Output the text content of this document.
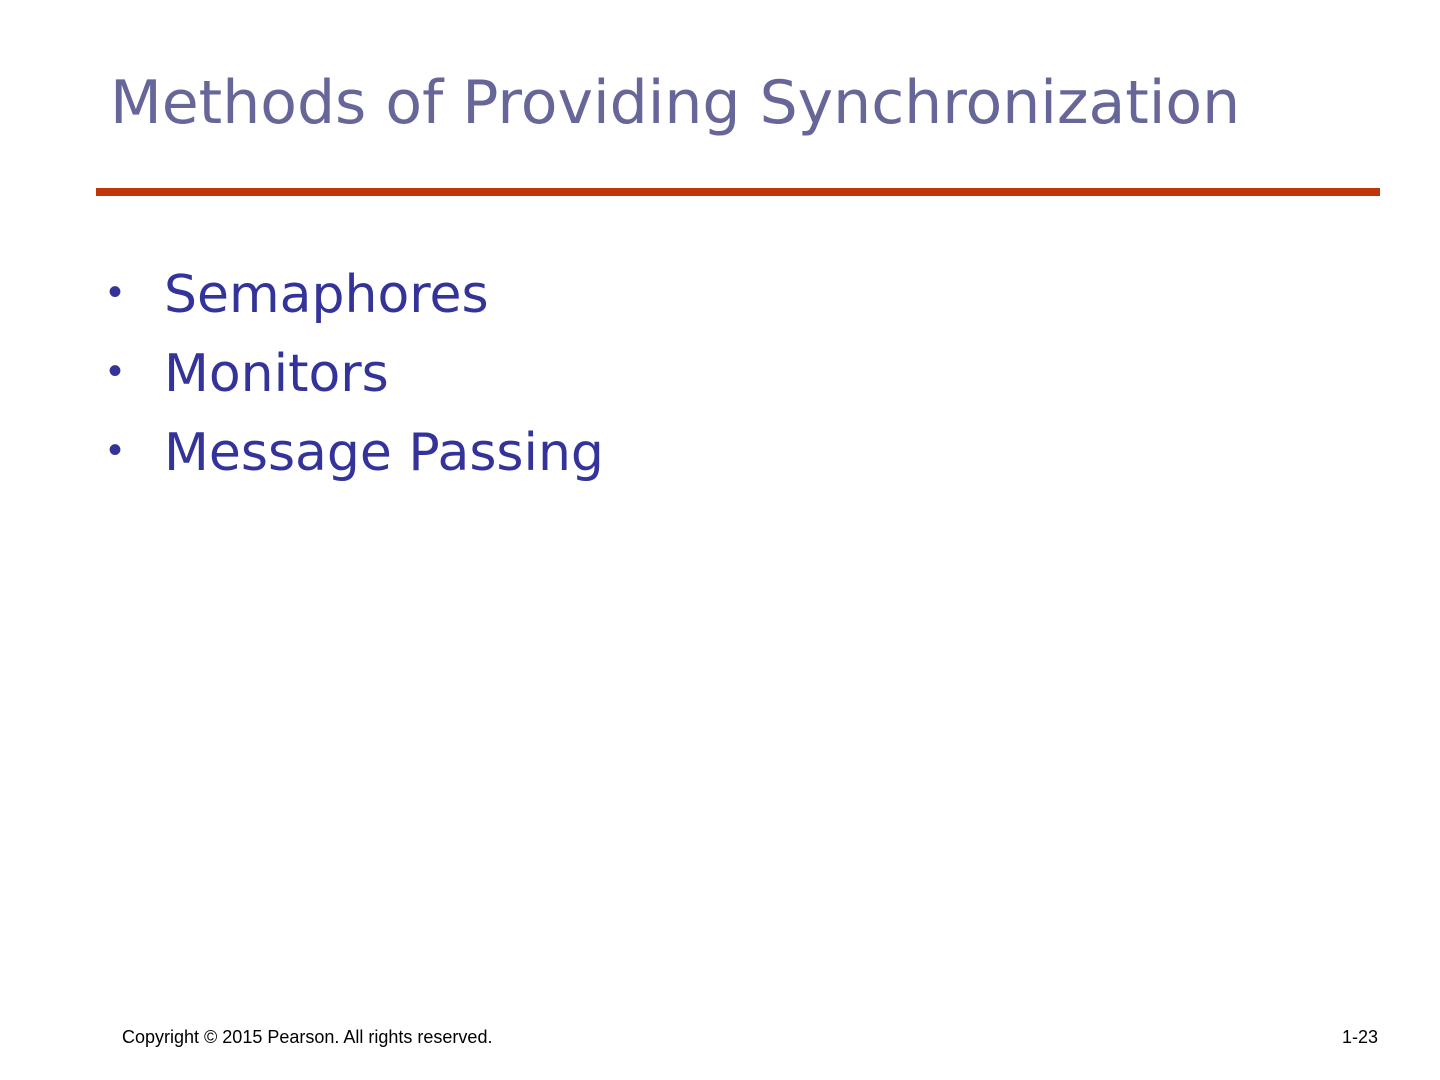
Methods of Providing Synchronization
• Semaphores
• Monitors
• Message Passing
Copyright © 2015 Pearson. All rights reserved.	1-23
